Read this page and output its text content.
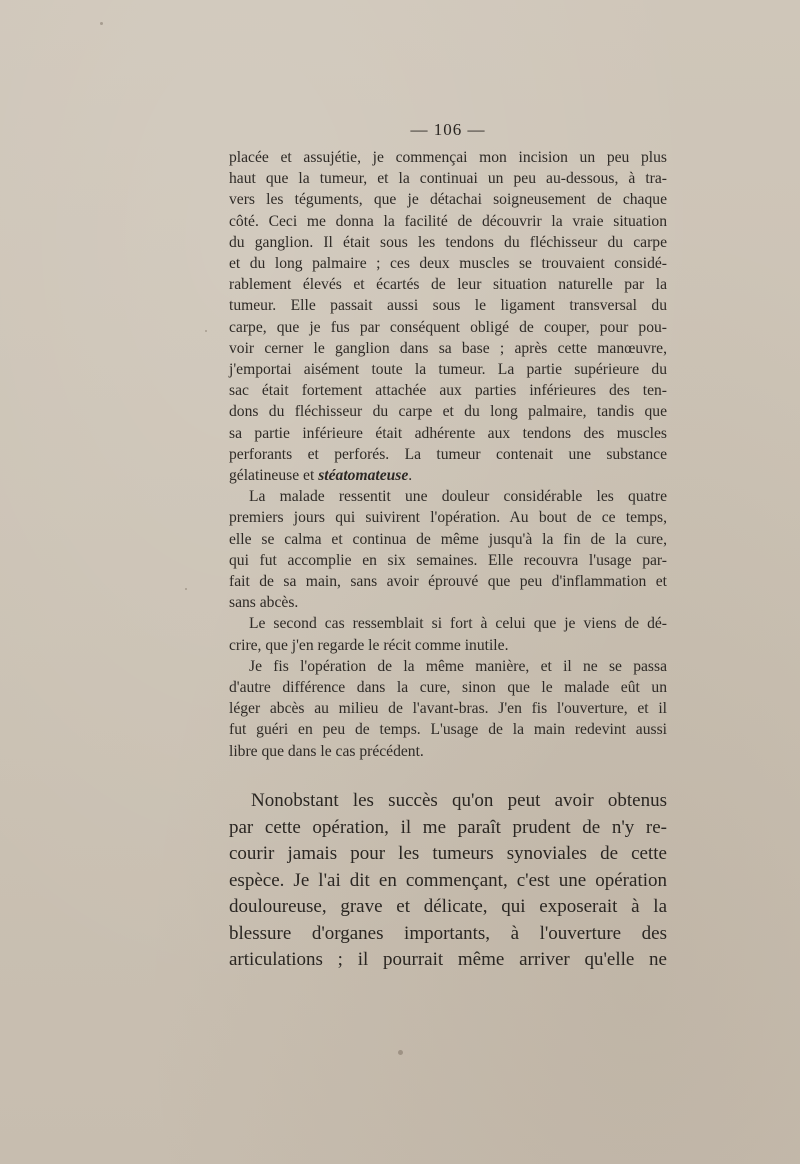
— 106 —

placée et assujétie, je commençai mon incision un peu plus
haut que la tumeur, et la continuai un peu au-dessous, à tra-
vers les téguments, que je détachai soigneusement de chaque
côté. Ceci me donna la facilité de découvrir la vraie situation
du ganglion. Il était sous les tendons du fléchisseur du carpe
et du long palmaire ; ces deux muscles se trouvaient considé-
rablement élevés et écartés de leur situation naturelle par la
tumeur. Elle passait aussi sous le ligament transversal du
carpe, que je fus par conséquent obligé de couper, pour pou-
voir cerner le ganglion dans sa base ; après cette manœuvre,
j'emportai aisément toute la tumeur. La partie supérieure du
sac était fortement attachée aux parties inférieures des ten-
dons du fléchisseur du carpe et du long palmaire, tandis que
sa partie inférieure était adhérente aux tendons des muscles
perforants et perforés. La tumeur contenait une substance
gélatineuse et stéatomateuse.

La malade ressentit une douleur considérable les quatre
premiers jours qui suivirent l'opération. Au bout de ce temps,
elle se calma et continua de même jusqu'à la fin de la cure,
qui fut accomplie en six semaines. Elle recouvra l'usage par-
fait de sa main, sans avoir éprouvé que peu d'inflammation et
sans abcès.

Le second cas ressemblait si fort à celui que je viens de dé-
crire, que j'en regarde le récit comme inutile.

Je fis l'opération de la même manière, et il ne se passa
d'autre différence dans la cure, sinon que le malade eût un
léger abcès au milieu de l'avant-bras. J'en fis l'ouverture, et il
fut guéri en peu de temps. L'usage de la main redevint aussi
libre que dans le cas précédent.

Nonobstant les succès qu'on peut avoir obtenus
par cette opération, il me paraît prudent de n'y re-
courir jamais pour les tumeurs synoviales de cette
espèce. Je l'ai dit en commençant, c'est une opération
douloureuse, grave et délicate, qui exposerait à la
blessure d'organes importants, à l'ouverture des
articulations ; il pourrait même arriver qu'elle ne
